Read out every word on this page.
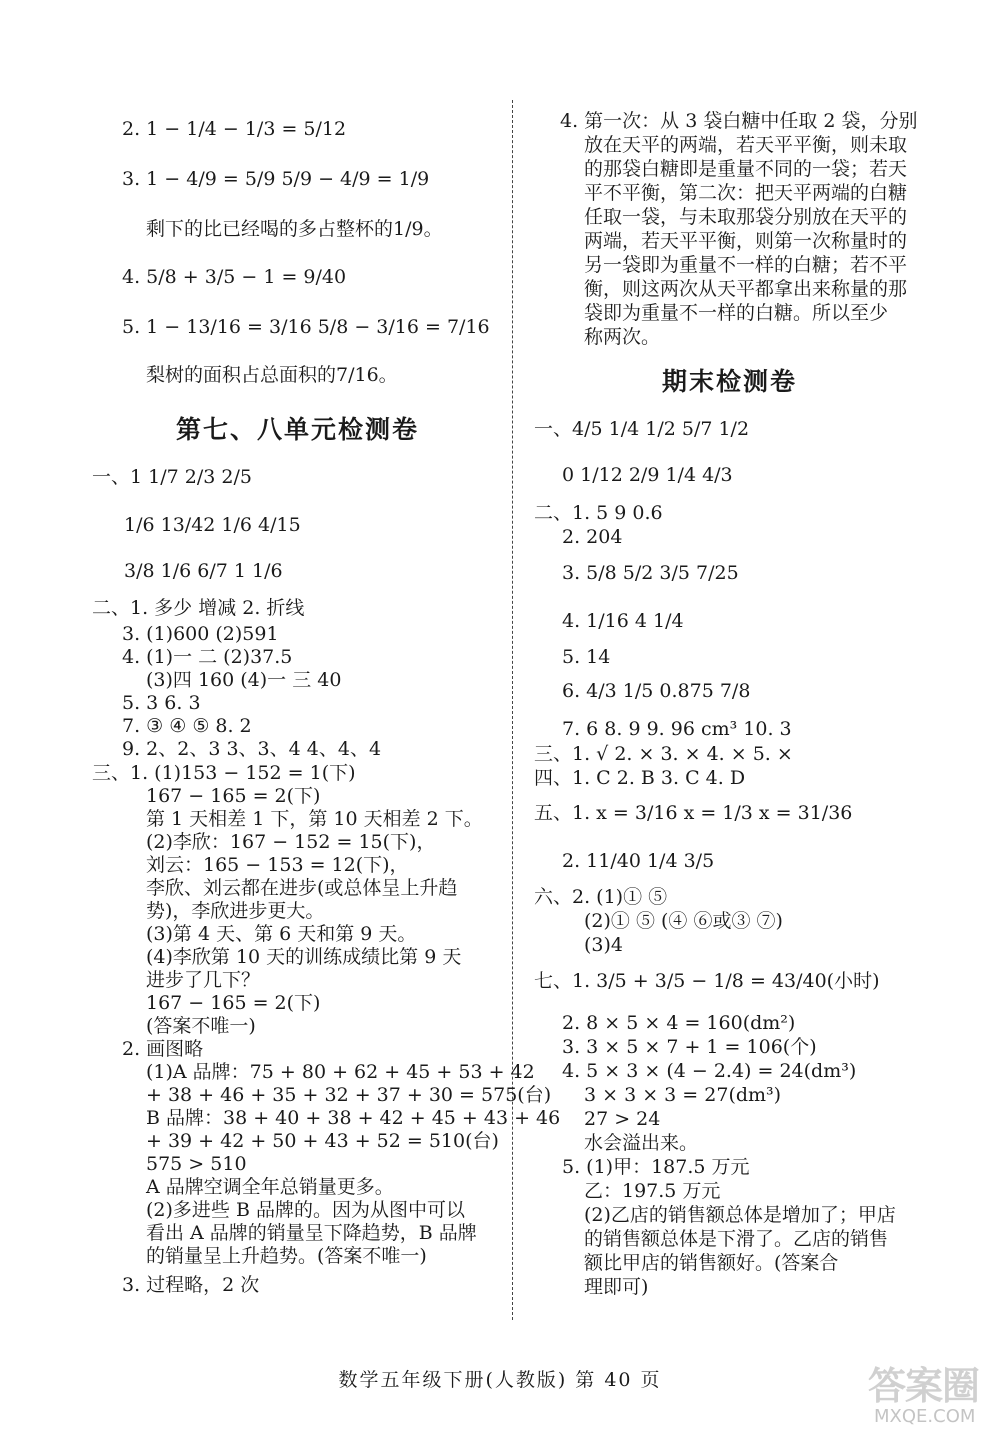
2. 1 − 1/4 − 1/3 = 5/12
3. 1 − 4/9 = 5/9 5/9 − 4/9 = 1/9
剩下的比已经喝的多占整杯的1/9。
4. 5/8 + 3/5 − 1 = 9/40
5. 1 − 13/16 = 3/16 5/8 − 3/16 = 7/16
梨树的面积占总面积的7/16。
第七、八单元检测卷
一、1 1/7 2/3 2/5
1/6 13/42 1/6 4/15
3/8 1/6 6/7 1 1/6
二、1. 多少 增减 2. 折线
3. (1)600 (2)591
4. (1)一 二 (2)37.5
(3)四 160 (4)一 三 40
5. 3 6. 3
7. ③ ④ ⑤ 8. 2
9. 2、2、3 3、3、4 4、4、4
三、1. (1)153 − 152 = 1(下)
167 − 165 = 2(下)
第 1 天相差 1 下，第 10 天相差 2 下。
(2)李欣：167 − 152 = 15(下)，
刘云：165 − 153 = 12(下)，
李欣、刘云都在进步(或总体呈上升趋
势)，李欣进步更大。
(3)第 4 天、第 6 天和第 9 天。
(4)李欣第 10 天的训练成绩比第 9 天
进步了几下？
167 − 165 = 2(下)
(答案不唯一)
2. 画图略
(1)A 品牌：75 + 80 + 62 + 45 + 53 + 42
+ 38 + 46 + 35 + 32 + 37 + 30 = 575(台)
B 品牌：38 + 40 + 38 + 42 + 45 + 43 + 46
+ 39 + 42 + 50 + 43 + 52 = 510(台)
575 > 510
A 品牌空调全年总销量更多。
(2)多进些 B 品牌的。因为从图中可以
看出 A 品牌的销量呈下降趋势，B 品牌
的销量呈上升趋势。(答案不唯一)
3. 过程略，2 次
4. 第一次：从 3 袋白糖中任取 2 袋，分别
放在天平的两端，若天平平衡，则未取
的那袋白糖即是重量不同的一袋；若天
平不平衡，第二次：把天平两端的白糖
任取一袋，与未取那袋分别放在天平的
两端，若天平平衡，则第一次称量时的
另一袋即为重量不一样的白糖；若不平
衡，则这两次从天平都拿出来称量的那
袋即为重量不一样的白糖。所以至少
称两次。
期末检测卷
一、4/5 1/4 1/2 5/7 1/2
0 1/12 2/9 1/4 4/3
二、1. 5 9 0.6
2. 204
3. 5/8 5/2 3/5 7/25
4. 1/16 4 1/4
5. 14
6. 4/3 1/5 0.875 7/8
7. 6 8. 9 9. 96 cm³ 10. 3
三、1. √ 2. × 3. × 4. × 5. ×
四、1. C 2. B 3. C 4. D
五、1. x = 3/16 x = 1/3 x = 31/36
2. 11/40 1/4 3/5
六、2. (1)① ⑤
(2)① ⑤ (④ ⑥或③ ⑦)
(3)4
七、1. 3/5 + 3/5 − 1/8 = 43/40(小时)
2. 8 × 5 × 4 = 160(dm²)
3. 3 × 5 × 7 + 1 = 106(个)
4. 5 × 3 × (4 − 2.4) = 24(dm³)
3 × 3 × 3 = 27(dm³)
27 > 24
水会溢出来。
5. (1)甲：187.5 万元
乙：197.5 万元
(2)乙店的销售额总体是增加了；甲店
的销售额总体是下滑了。乙店的销售
额比甲店的销售额好。(答案合
理即可)
数学五年级下册(人教版) 第 40 页	答案圈
MXQE.COM
